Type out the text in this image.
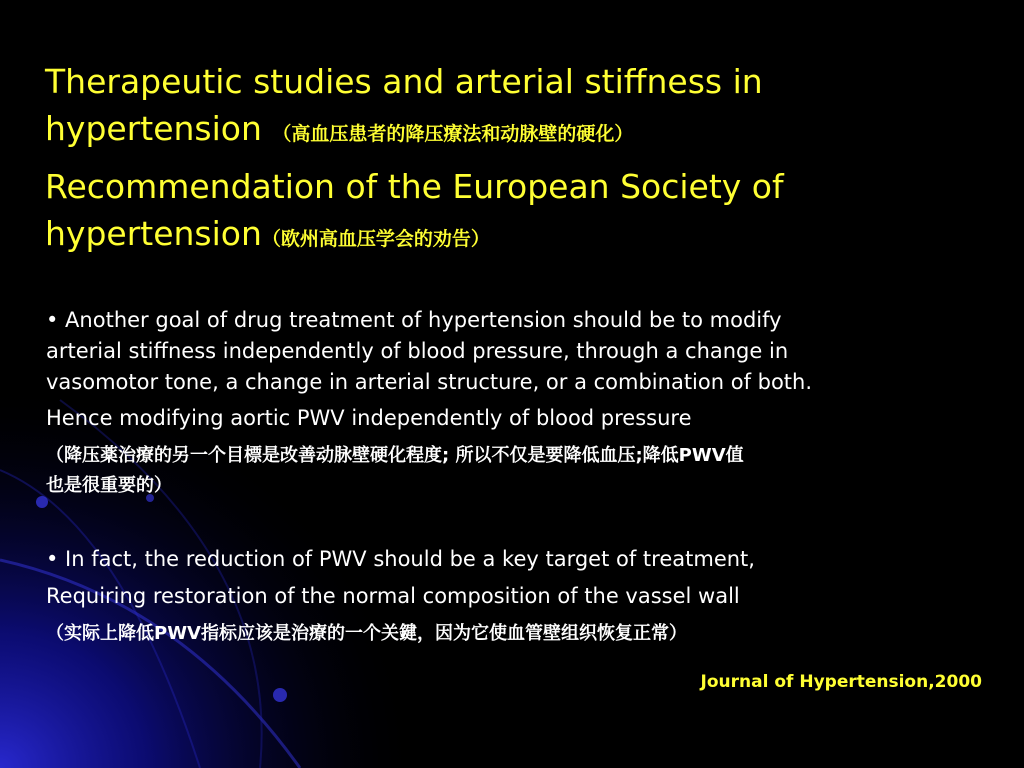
Therapeutic studies and arterial stiffness in
hypertension （高血压患者的降压療法和动脉壁的硬化）
Recommendation of the European Society of
hypertension（欧州高血压学会的劝告）

• Another goal of drug treatment of hypertension should be to modify

arterial stiffness independently of blood pressure, through a change in

vasomotor tone, a change in arterial structure, or a combination of both.

Hence modifying aortic PWV independently of blood pressure

（降压薬治療的另一个目標是改善动脉壁硬化程度; 所以不仅是要降低血压;降低PWV值

也是很重要的）

• In fact, the reduction of PWV should be a key target of treatment,

Requiring restoration of the normal composition of the vassel wall

（实际上降低PWV指标应该是治療的一个关鍵，因为它使血管壁组织恢复正常）

Journal of Hypertension,2000
